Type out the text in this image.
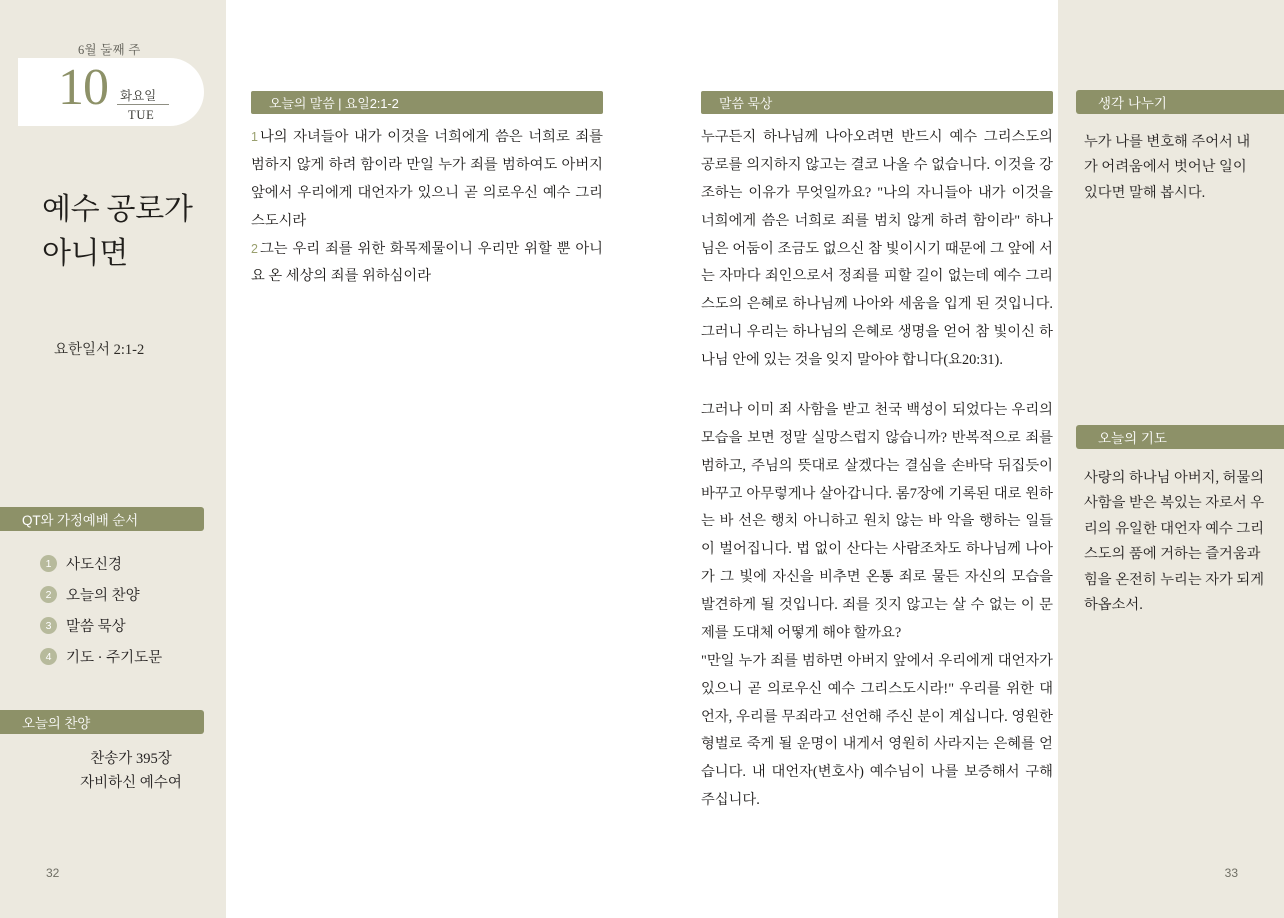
6월 둘째 주
10 화요일
TUE
예수 공로가 아니면
요한일서 2:1-2
QT와 가정예배 순서
1	사도신경
2	오늘의 찬양
3	말씀 묵상
4	기도 · 주기도문
오늘의 찬양
찬송가 395장
자비하신 예수여
32
오늘의 말씀 | 요일2:1-2
1 나의 자녀들아 내가 이것을 너희에게 씀은 너희로 죄를 범하지 않게 하려 함이라 만일 누가 죄를 범하여도 아버지 앞에서 우리에게 대언자가 있으니 곧 의로우신 예수 그리스도시라
2 그는 우리 죄를 위한 화목제물이니 우리만 위할 뿐 아니요 온 세상의 죄를 위하심이라
말씀 묵상

누구든지 하나님께 나아오려면 반드시 예수 그리스도의 공로를 의지하지 않고는 결코 나올 수 없습니다. 이것을 강조하는 이유가 무엇일까요? "나의 자니들아 내가 이것을 너희에게 씀은 너희로 죄를 범치 않게 하려 함이라" 하나님은 어둠이 조금도 없으신 참 빛이시기 때문에 그 앞에 서는 자마다 죄인으로서 정죄를 피할 길이 없는데 예수 그리스도의 은혜로 하나님께 나아와 세움을 입게 된 것입니다. 그러니 우리는 하나님의 은혜로 생명을 얻어 참 빛이신 하나님 안에 있는 것을 잊지 말아야 합니다(요20:31).

그러나 이미 죄 사함을 받고 천국 백성이 되었다는 우리의 모습을 보면 정말 실망스럽지 않습니까? 반복적으로 죄를 범하고, 주님의 뜻대로 살겠다는 결심을 손바닥 뒤집듯이 바꾸고 아무렇게나 살아갑니다. 롬7장에 기록된 대로 원하는 바 선은 행치 아니하고 원치 않는 바 악을 행하는 일들이 벌어집니다. 법 없이 산다는 사람조차도 하나님께 나아가 그 빛에 자신을 비추면 온통 죄로 물든 자신의 모습을 발견하게 될 것입니다. 죄를 짓지 않고는 살 수 없는 이 문제를 도대체 어떻게 해야 할까요?

"만일 누가 죄를 범하면 아버지 앞에서 우리에게 대언자가 있으니 곧 의로우신 예수 그리스도시라!" 우리를 위한 대언자, 우리를 무죄라고 선언해 주신 분이 계십니다. 영원한 형벌로 죽게 될 운명이 내게서 영원히 사라지는 은혜를 얻습니다. 내 대언자(변호사) 예수님이 나를 보증해서 구해주십니다.

생각 나누기
누가 나를 변호해 주어서 내가 어려움에서 벗어난 일이 있다면 말해 봅시다.
오늘의 기도
사랑의 하나님 아버지, 허물의 사함을 받은 복있는 자로서 우리의 유일한 대언자 예수 그리스도의 품에 거하는 즐거움과 힘을 온전히 누리는 자가 되게 하옵소서.
33
